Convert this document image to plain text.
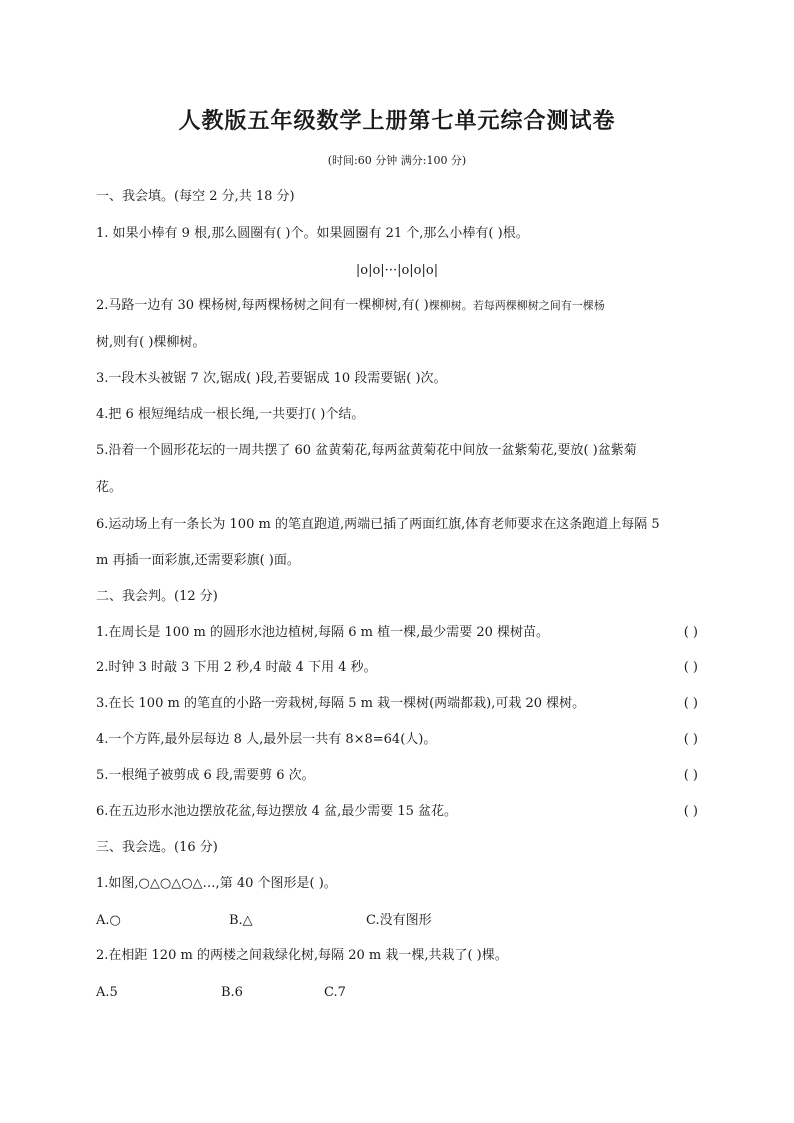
人教版五年级数学上册第七单元综合测试卷
(时间:60 分钟 满分:100 分)
一、我会填。(每空 2 分,共 18 分)
1. 如果小棒有 9 根,那么圆圈有( )个。如果圆圈有 21 个,那么小棒有( )根。
|o|o|···|o|o|o|
2.马路一边有 30 棵杨树,每两棵杨树之间有一棵柳树,有( )棵柳树。若每两棵柳树之间有一棵杨
树,则有( )棵柳树。
3.一段木头被锯 7 次,锯成( )段,若要锯成 10 段需要锯( )次。
4.把 6 根短绳结成一根长绳,一共要打( )个结。
5.沿着一个圆形花坛的一周共摆了 60 盆黄菊花,每两盆黄菊花中间放一盆紫菊花,要放( )盆紫菊
花。
6.运动场上有一条长为 100 m 的笔直跑道,两端已插了两面红旗,体育老师要求在这条跑道上每隔 5
m 再插一面彩旗,还需要彩旗( )面。
二、我会判。(12 分)
1.在周长是 100 m 的圆形水池边植树,每隔 6 m 植一棵,最少需要 20 棵树苗。	( )
2.时钟 3 时敲 3 下用 2 秒,4 时敲 4 下用 4 秒。	( )
3.在长 100 m 的笔直的小路一旁栽树,每隔 5 m 栽一棵树(两端都栽),可栽 20 棵树。	( )
4.一个方阵,最外层每边 8 人,最外层一共有 8×8=64(人)。	( )
5.一根绳子被剪成 6 段,需要剪 6 次。	( )
6.在五边形水池边摆放花盆,每边摆放 4 盆,最少需要 15 盆花。	( )
三、我会选。(16 分)
1.如图,○△○△○△…,第 40 个图形是( )。
A.○	B.△	C.没有图形
2.在相距 120 m 的两楼之间栽绿化树,每隔 20 m 栽一棵,共栽了( )棵。
A.5	B.6	C.7
